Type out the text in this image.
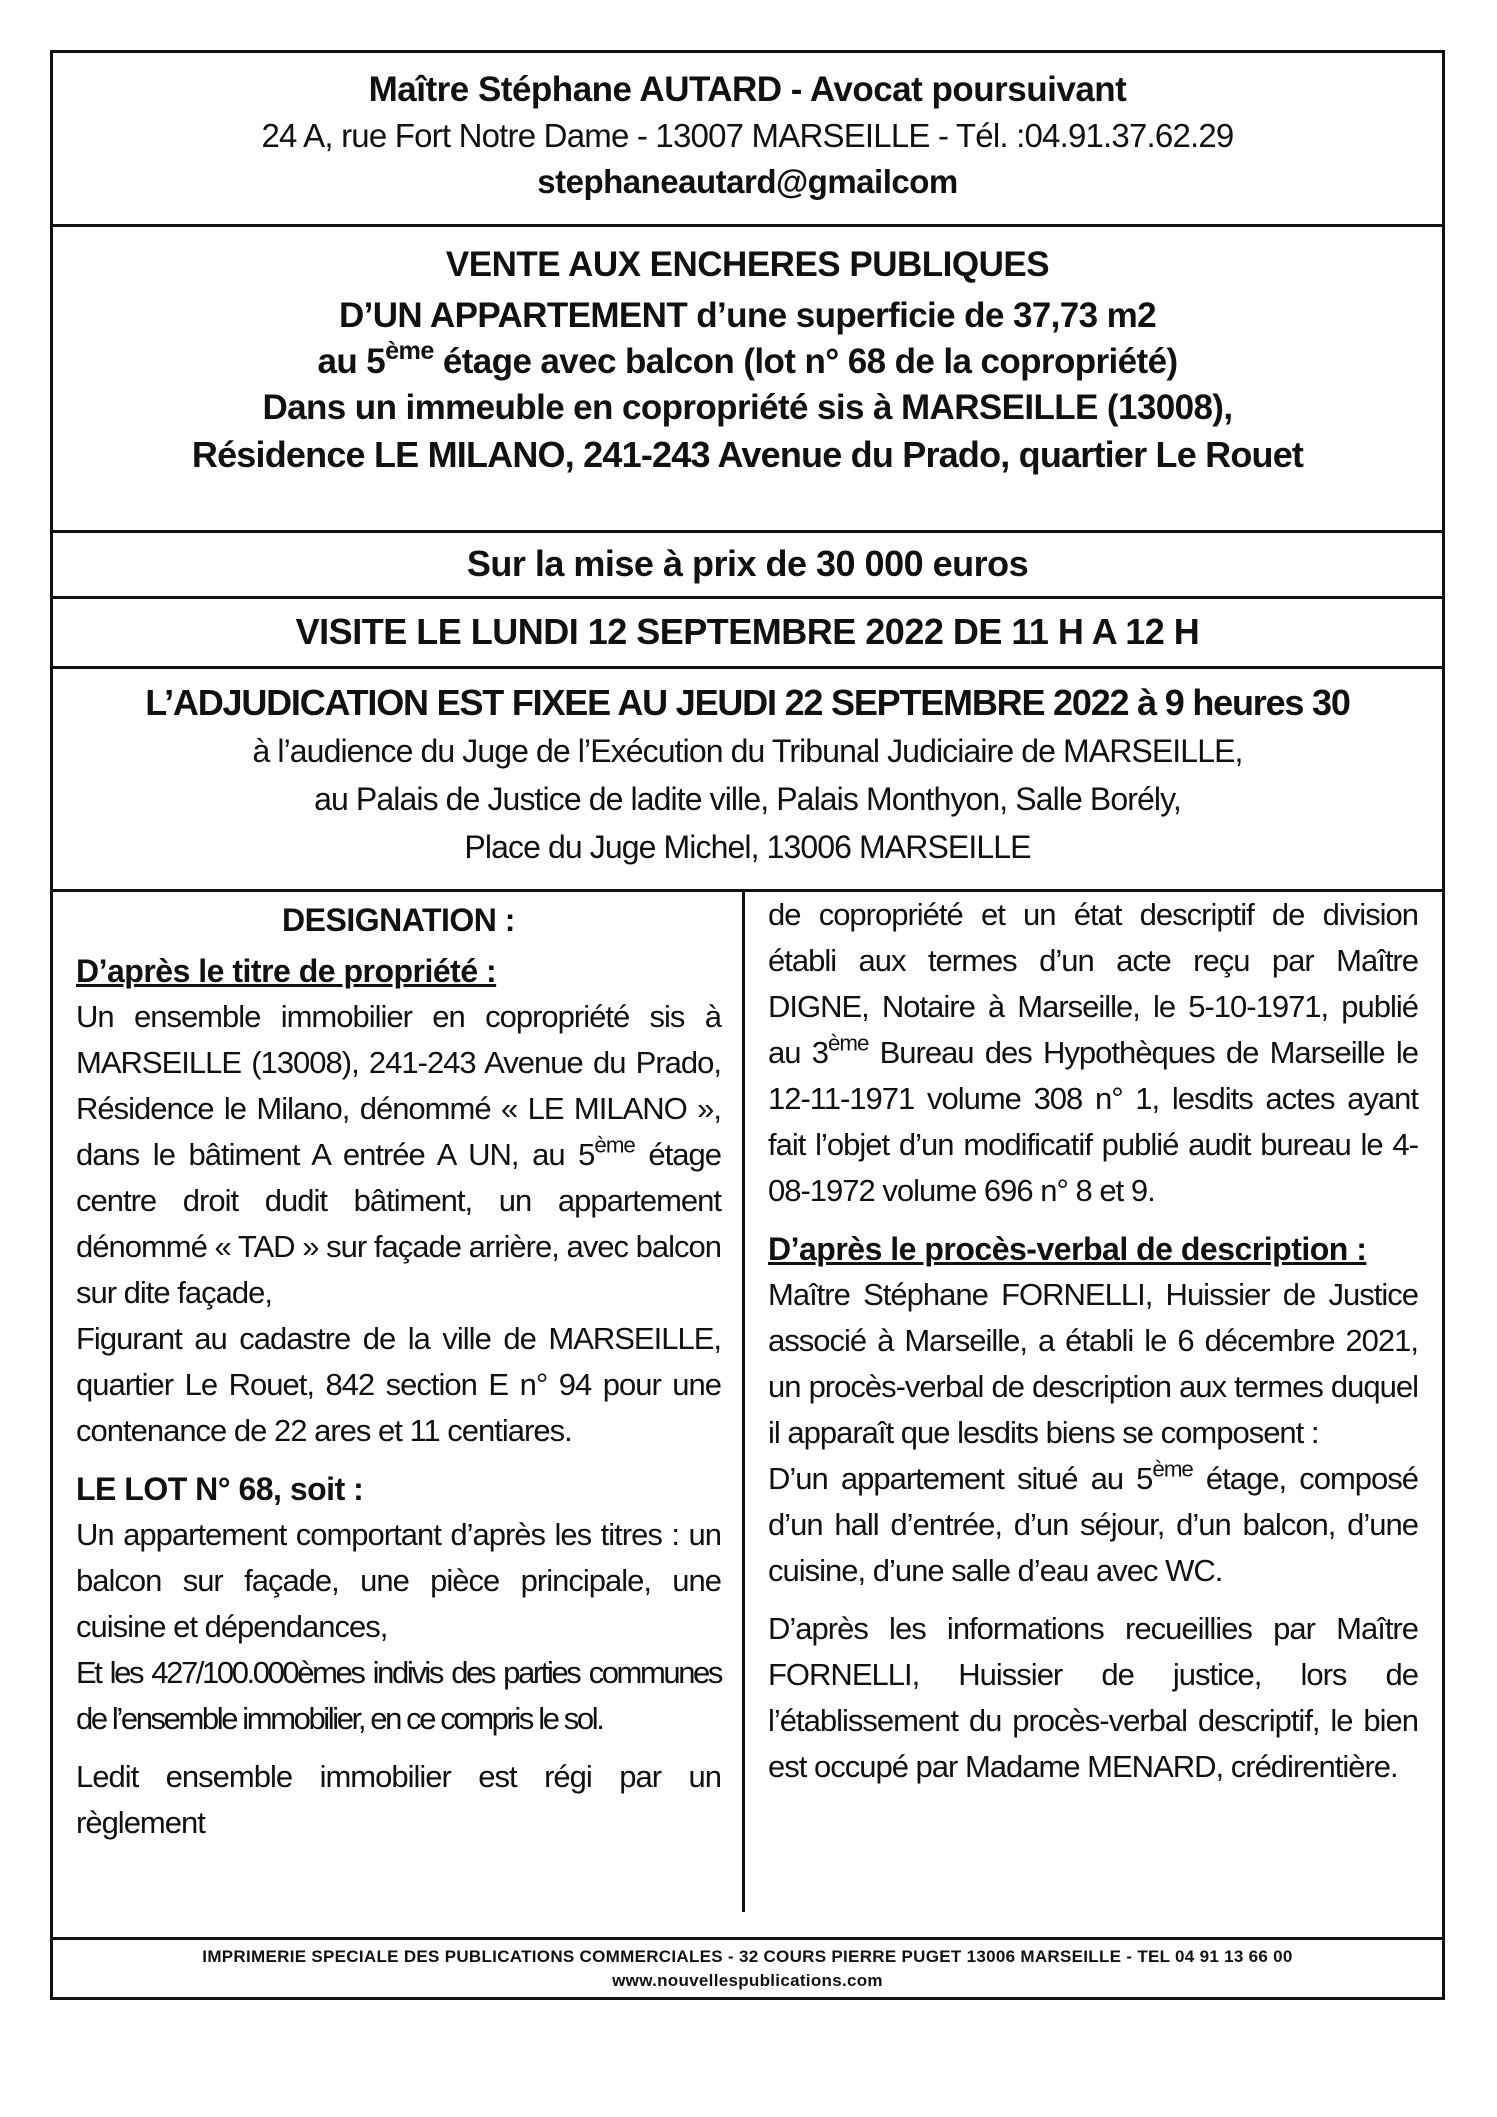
Maître Stéphane AUTARD - Avocat poursuivant
24 A, rue Fort Notre Dame - 13007 MARSEILLE - Tél. :04.91.37.62.29
stephaneautard@gmailcom
VENTE AUX ENCHERES PUBLIQUES
D’UN APPARTEMENT d’une superficie de 37,73 m2
au 5ème étage avec balcon (lot n° 68 de la copropriété)
Dans un immeuble en copropriété sis à MARSEILLE (13008),
Résidence LE MILANO, 241-243 Avenue du Prado, quartier Le Rouet
Sur la mise à prix de 30 000 euros
VISITE LE LUNDI 12 SEPTEMBRE 2022 DE 11 H A 12 H
L’ADJUDICATION EST FIXEE AU JEUDI 22 SEPTEMBRE 2022 à 9 heures 30
à l’audience du Juge de l’Exécution du Tribunal Judiciaire de MARSEILLE,
au Palais de Justice de ladite ville, Palais Monthyon, Salle Borély,
Place du Juge Michel, 13006 MARSEILLE
DESIGNATION :
D’après le titre de propriété :

Un ensemble immobilier en copropriété sis à MARSEILLE (13008), 241-243 Avenue du Prado, Résidence le Milano, dénommé « LE MILANO », dans le bâtiment A entrée A UN, au 5ème étage centre droit dudit bâtiment, un appartement dénommé « TAD » sur façade arrière, avec balcon sur dite façade,

Figurant au cadastre de la ville de MARSEILLE, quartier Le Rouet, 842 section E n° 94 pour une contenance de 22 ares et 11 centiares.

LE LOT N° 68, soit :

Un appartement comportant d’après les titres : un balcon sur façade, une pièce principale, une cuisine et dépendances,

Et les 427/100.000èmes indivis des parties communes de l’ensemble immobilier, en ce compris le sol.

Ledit ensemble immobilier est régi par un règlement

de copropriété et un état descriptif de division établi aux termes d’un acte reçu par Maître DIGNE, Notaire à Marseille, le 5-10-1971, publié au 3ème Bureau des Hypothèques de Marseille le 12-11-1971 volume 308 n° 1, lesdits actes ayant fait l’objet d’un modificatif publié audit bureau le 4-08-1972 volume 696 n° 8 et 9.

D’après le procès-verbal de description :

Maître Stéphane FORNELLI, Huissier de Justice associé à Marseille, a établi le 6 décembre 2021, un procès-verbal de description aux termes duquel il apparaît que lesdits biens se composent :

D’un appartement situé au 5ème étage, composé d’un hall d’entrée, d’un séjour, d’un balcon, d’une cuisine, d’une salle d’eau avec WC.

D’après les informations recueillies par Maître FORNELLI, Huissier de justice, lors de l’établissement du procès-verbal descriptif, le bien est occupé par Madame MENARD, crédirentière.

IMPRIMERIE SPECIALE DES PUBLICATIONS COMMERCIALES - 32 COURS PIERRE PUGET 13006 MARSEILLE - TEL 04 91 13 66 00
www.nouvellespublications.com
